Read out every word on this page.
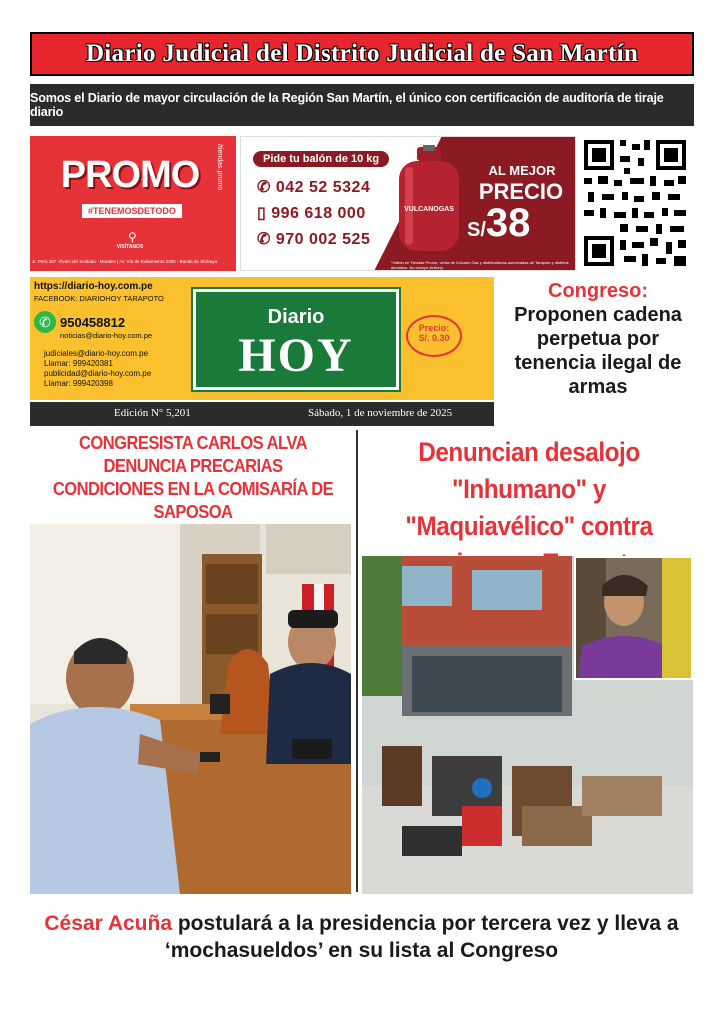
Diario Judicial del Distrito Judicial de San Martín
Somos el Diario de mayor circulación de la Región San Martín, el único con certificación de auditoría de tiraje diario
PROMO
#TENEMOSDETODO
⚲
VISÍTANOS
Jr. Perú 287 -Óvalo del Soldado - Morales | Av. Vía de Evitamiento 2300 - Banda de Shilcayo
/tiendas.promo	Pide tu balón de 10 kg
✆ 042 52 5324
▯ 996 618 000
✆ 970 002 525
VULCANOGAS
AL MEJOR
PRECIO
S/38
*Válido en Tiendas Promo, venta de Vulcano Gas y distribuidoras autorizadas de Tarapoto y distritos aledaños. No incluye delivery.
https://diario-hoy.com.pe
FACEBOOK: DIARIOHOY TARAPOTO
✆ 950458812
noticias@diario-hoy.com.pe
judiciales@diario-hoy.com.pe
Llamar: 999420381
publicidad@diario-hoy.com.pe
Llamar: 999420398
Diario
HOY
Precio:
S/. 0.30
Edición N° 5,201	Sábado, 1 de noviembre de 2025
Congreso: Proponen cadena perpetua por tenencia ilegal de armas
CONGRESISTA CARLOS ALVA DENUNCIA PRECARIAS CONDICIONES EN LA COMISARÍA DE SAPOSOA
Denuncian desalojo "Inhumano" y "Maquiavélico" contra
César Acuña postulará a la presidencia por tercera vez y lleva a ‘mochasueldos’ en su lista al Congreso
